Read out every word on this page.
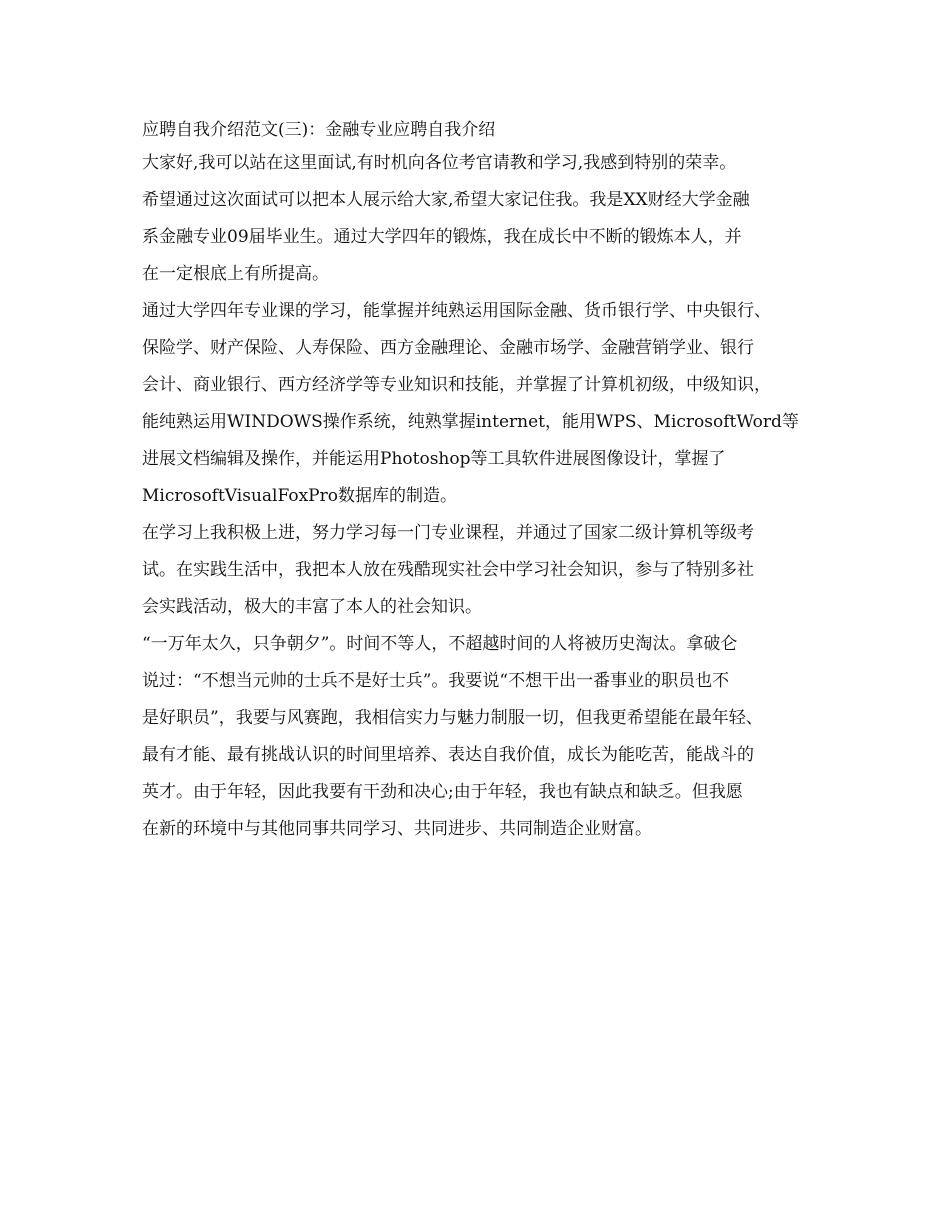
应聘自我介绍范文(三)：金融专业应聘自我介绍
大家好,我可以站在这里面试,有时机向各位考官请教和学习,我感到特别的荣幸。
希望通过这次面试可以把本人展示给大家,希望大家记住我。我是XX财经大学金融
系金融专业09届毕业生。通过大学四年的锻炼，我在成长中不断的锻炼本人，并
在一定根底上有所提高。
通过大学四年专业课的学习，能掌握并纯熟运用国际金融、货币银行学、中央银行、
保险学、财产保险、人寿保险、西方金融理论、金融市场学、金融营销学业、银行
会计、商业银行、西方经济学等专业知识和技能，并掌握了计算机初级，中级知识，
能纯熟运用WINDOWS操作系统，纯熟掌握internet，能用WPS、MicrosoftWord等
进展文档编辑及操作，并能运用Photoshop等工具软件进展图像设计，掌握了
MicrosoftVisualFoxPro数据库的制造。
在学习上我积极上进，努力学习每一门专业课程，并通过了国家二级计算机等级考
试。在实践生活中，我把本人放在残酷现实社会中学习社会知识，参与了特别多社
会实践活动，极大的丰富了本人的社会知识。
“一万年太久，只争朝夕”。时间不等人，不超越时间的人将被历史淘汰。拿破仑
说过：“不想当元帅的士兵不是好士兵”。我要说“不想干出一番事业的职员也不
是好职员”，我要与风赛跑，我相信实力与魅力制服一切，但我更希望能在最年轻、
最有才能、最有挑战认识的时间里培养、表达自我价值，成长为能吃苦，能战斗的
英才。由于年轻，因此我要有干劲和决心;由于年轻，我也有缺点和缺乏。但我愿
在新的环境中与其他同事共同学习、共同进步、共同制造企业财富。
